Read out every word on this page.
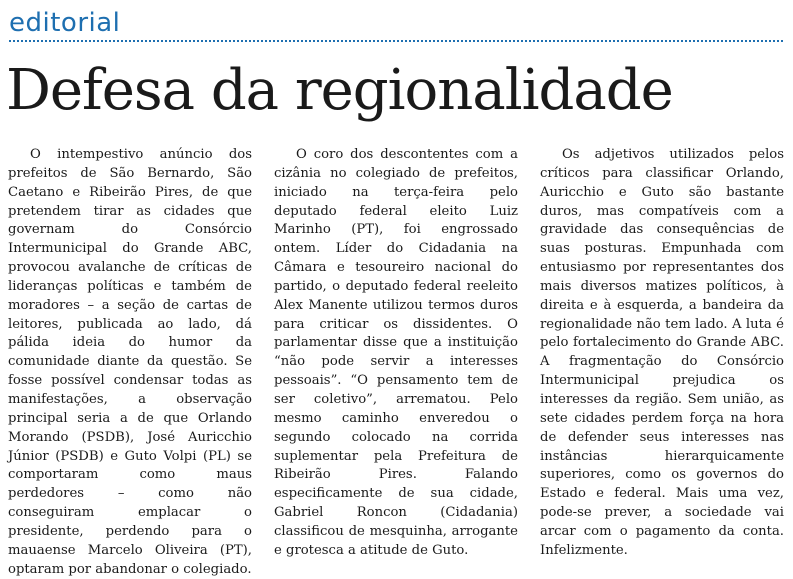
editorial
Defesa da regionalidade

O intempestivo anúncio dos prefeitos de São Bernardo, São Caetano e Ribeirão Pires, de que pretendem tirar as cidades que governam do Consórcio Intermunicipal do Grande ABC, provocou avalanche de críticas de lideranças políticas e também de moradores – a seção de cartas de leitores, publicada ao lado, dá pálida ideia do humor da comunidade diante da questão. Se fosse possível condensar todas as manifestações, a observação principal seria a de que Orlando Morando (PSDB), José Auricchio Júnior (PSDB) e Guto Volpi (PL) se comportaram como maus perdedores – como não conseguiram emplacar o presidente, perdendo para o mauaense Marcelo Oliveira (PT), optaram por abandonar o colegiado.

O coro dos descontentes com a cizânia no colegiado de prefeitos, iniciado na terça-feira pelo deputado federal eleito Luiz Marinho (PT), foi engrossado ontem. Líder do Cidadania na Câmara e tesoureiro nacional do partido, o deputado federal reeleito Alex Manente utilizou termos duros para criticar os dissidentes. O parlamentar disse que a instituição “não pode servir a interesses pessoais”. “O pensamento tem de ser coletivo”, arrematou. Pelo mesmo caminho enveredou o segundo colocado na corrida suplementar pela Prefeitura de Ribeirão Pires. Falando especificamente de sua cidade, Gabriel Roncon (Cidadania) classificou de mesquinha, arrogante e grotesca a atitude de Guto.

Os adjetivos utilizados pelos críticos para classificar Orlando, Auricchio e Guto são bastante duros, mas compatíveis com a gravidade das consequências de suas posturas. Empunhada com entusiasmo por representantes dos mais diversos matizes políticos, à direita e à esquerda, a bandeira da regionalidade não tem lado. A luta é pelo fortalecimento do Grande ABC. A fragmentação do Consórcio Intermunicipal prejudica os interesses da região. Sem união, as sete cidades perdem força na hora de defender seus interesses nas instâncias hierarquicamente superiores, como os governos do Estado e federal. Mais uma vez, pode-se prever, a sociedade vai arcar com o pagamento da conta. Infelizmente.
